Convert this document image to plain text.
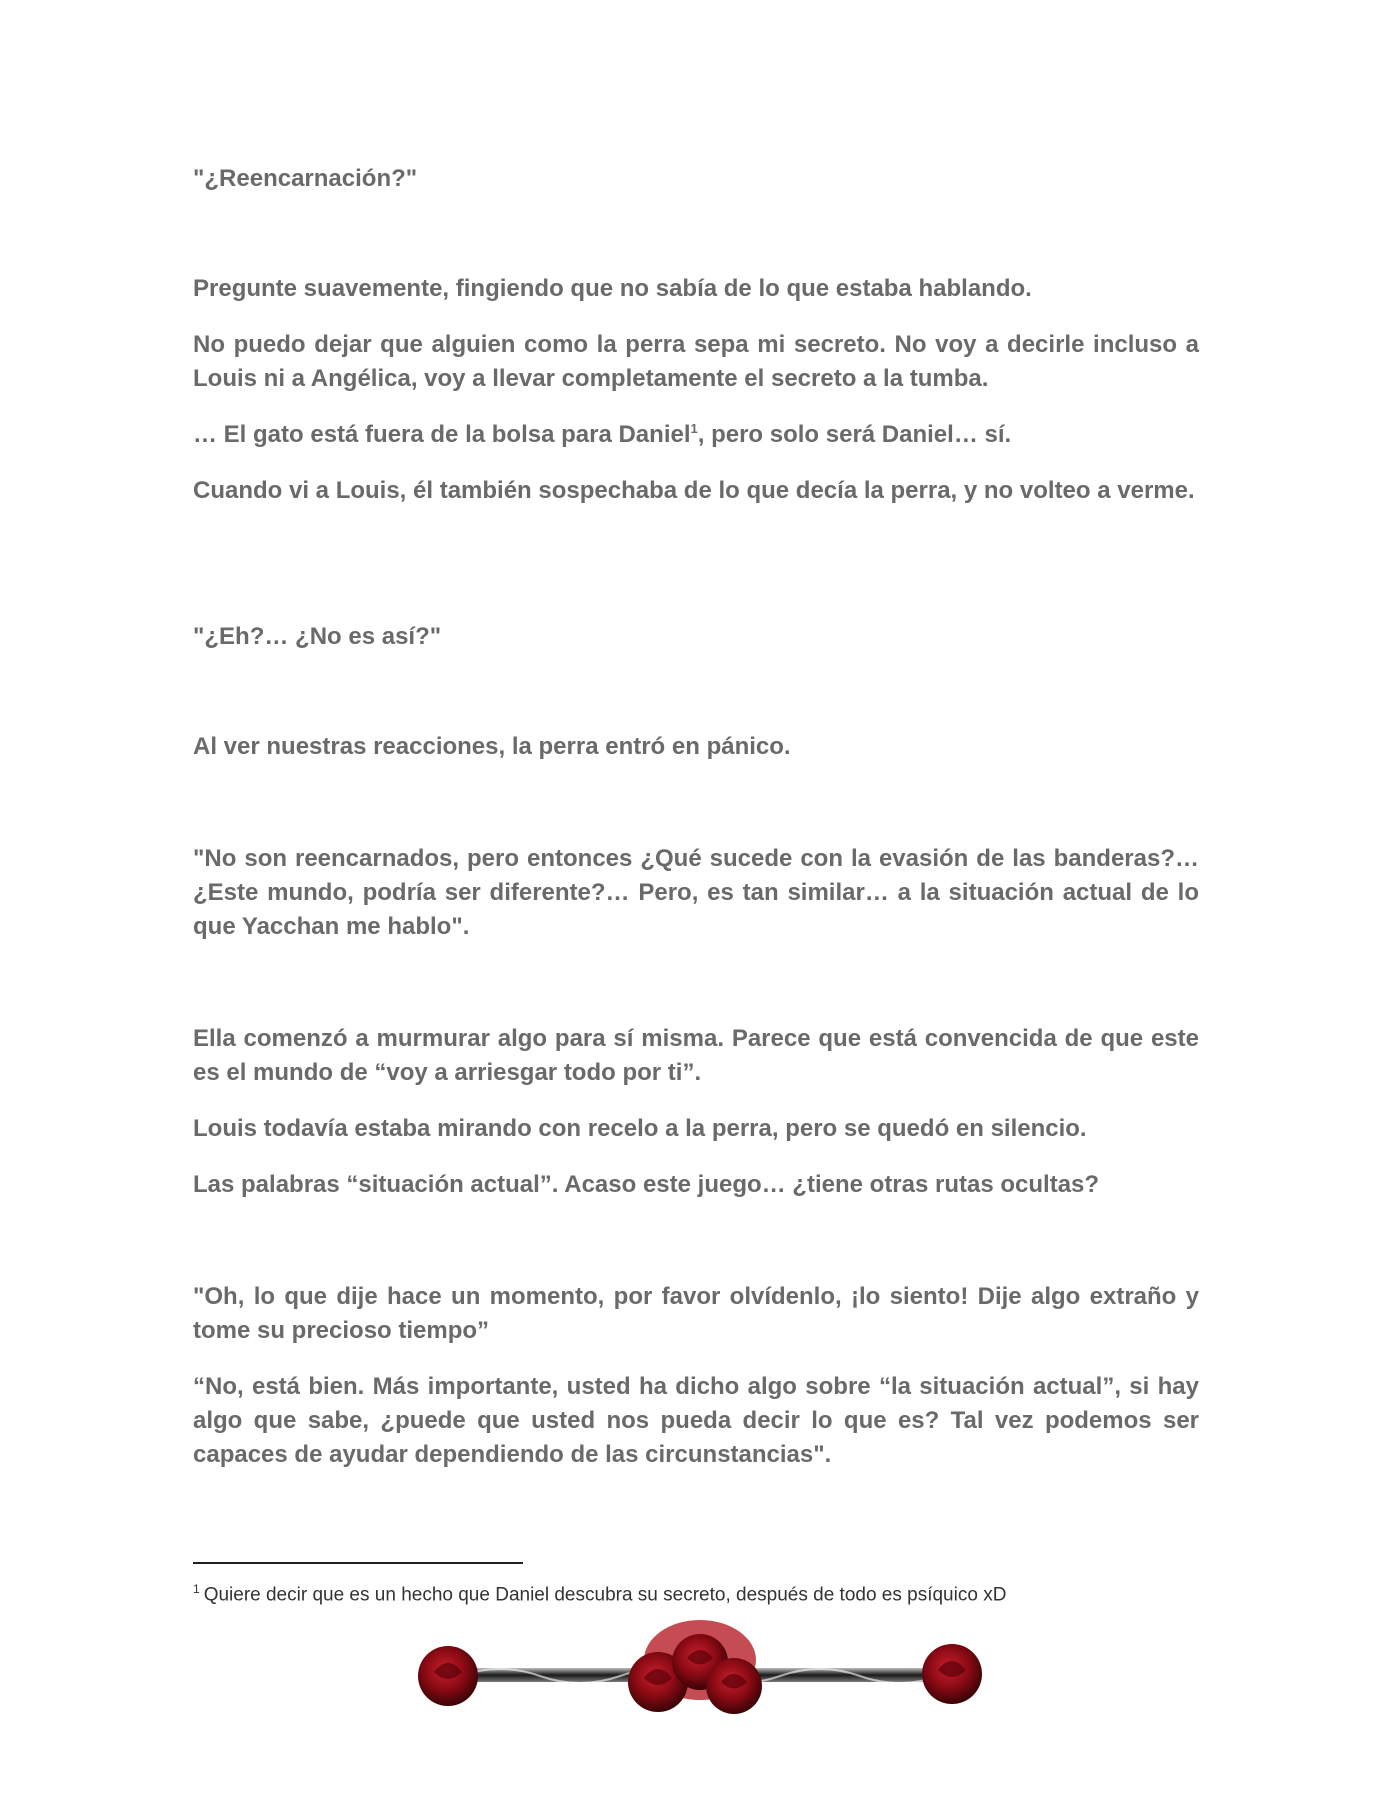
"¿Reencarnación?"

Pregunte suavemente, fingiendo que no sabía de lo que estaba hablando.

No puedo dejar que alguien como la perra sepa mi secreto. No voy a decirle incluso a Louis ni a Angélica, voy a llevar completamente el secreto a la tumba.

… El gato está fuera de la bolsa para Daniel$^1$, pero solo será Daniel… sí.

Cuando vi a Louis, él también sospechaba de lo que decía la perra, y no volteo a verme.

"¿Eh?… ¿No es así?"

Al ver nuestras reacciones, la perra entró en pánico.

"No son reencarnados, pero entonces ¿Qué sucede con la evasión de las banderas?… ¿Este mundo, podría ser diferente?… Pero, es tan similar… a la situación actual de lo que Yacchan me hablo".

Ella comenzó a murmurar algo para sí misma. Parece que está convencida de que este es el mundo de “voy a arriesgar todo por ti”.

Louis todavía estaba mirando con recelo a la perra, pero se quedó en silencio.

Las palabras “situación actual”. Acaso este juego… ¿tiene otras rutas ocultas?

"Oh, lo que dije hace un momento, por favor olvídenlo, ¡lo siento! Dije algo extraño y tome su precioso tiempo”

“No, está bien. Más importante, usted ha dicho algo sobre “la situación actual”, si hay algo que sabe, ¿puede que usted nos pueda decir lo que es? Tal vez podemos ser capaces de ayudar dependiendo de las circunstancias".

$^1$ Quiere decir que es un hecho que Daniel descubra su secreto, después de todo es psíquico xD
